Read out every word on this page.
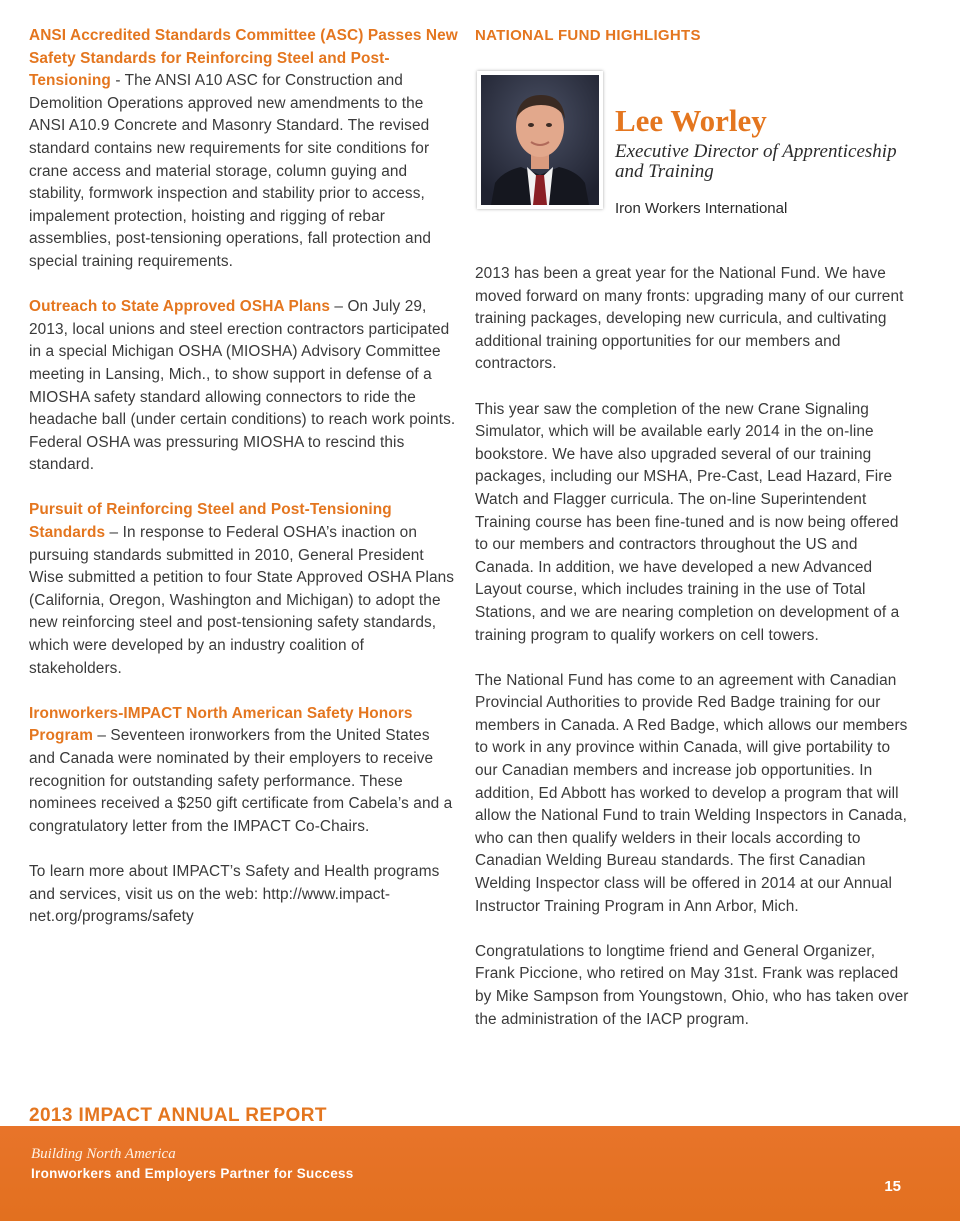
ANSI Accredited Standards Committee (ASC) Passes New Safety Standards for Reinforcing Steel and Post-Tensioning - The ANSI A10 ASC for Construction and Demolition Operations approved new amendments to the ANSI A10.9 Concrete and Masonry Standard. The revised standard contains new requirements for site conditions for crane access and material storage, column guying and stability, formwork inspection and stability prior to access, impalement protection, hoisting and rigging of rebar assemblies, post-tensioning operations, fall protection and special training requirements.

Outreach to State Approved OSHA Plans – On July 29, 2013, local unions and steel erection contractors participated in a special Michigan OSHA (MIOSHA) Advisory Committee meeting in Lansing, Mich., to show support in defense of a MIOSHA safety standard allowing connectors to ride the headache ball (under certain conditions) to reach work points. Federal OSHA was pressuring MIOSHA to rescind this standard.

Pursuit of Reinforcing Steel and Post-Tensioning Standards – In response to Federal OSHA’s inaction on pursuing standards submitted in 2010, General President Wise submitted a petition to four State Approved OSHA Plans (California, Oregon, Washington and Michigan) to adopt the new reinforcing steel and post-tensioning safety standards, which were developed by an industry coalition of stakeholders.

Ironworkers-IMPACT North American Safety Honors Program – Seventeen ironworkers from the United States and Canada were nominated by their employers to receive recognition for outstanding safety performance. These nominees received a $250 gift certificate from Cabela’s and a congratulatory letter from the IMPACT Co-Chairs.

To learn more about IMPACT’s Safety and Health programs and services, visit us on the web: http://www.impact-net.org/programs/safety

NATIONAL FUND HIGHLIGHTS
Lee Worley
Executive Director of Apprenticeship and Training
Iron Workers International

2013 has been a great year for the National Fund. We have moved forward on many fronts: upgrading many of our current training packages, developing new curricula, and cultivating additional training opportunities for our members and contractors.

This year saw the completion of the new Crane Signaling Simulator, which will be available early 2014 in the on-line bookstore. We have also upgraded several of our training packages, including our MSHA, Pre-Cast, Lead Hazard, Fire Watch and Flagger curricula. The on-line Superintendent Training course has been fine-tuned and is now being offered to our members and contractors throughout the US and Canada. In addition, we have developed a new Advanced Layout course, which includes training in the use of Total Stations, and we are nearing completion on development of a training program to qualify workers on cell towers.

The National Fund has come to an agreement with Canadian Provincial Authorities to provide Red Badge training for our members in Canada. A Red Badge, which allows our members to work in any province within Canada, will give portability to our Canadian members and increase job opportunities. In addition, Ed Abbott has worked to develop a program that will allow the National Fund to train Welding Inspectors in Canada, who can then qualify welders in their locals according to Canadian Welding Bureau standards. The first Canadian Welding Inspector class will be offered in 2014 at our Annual Instructor Training Program in Ann Arbor, Mich.

Congratulations to longtime friend and General Organizer, Frank Piccione, who retired on May 31st. Frank was replaced by Mike Sampson from Youngstown, Ohio, who has taken over the administration of the IACP program.

2013 IMPACT ANNUAL REPORT
Building North America
Ironworkers and Employers Partner for Success
15
